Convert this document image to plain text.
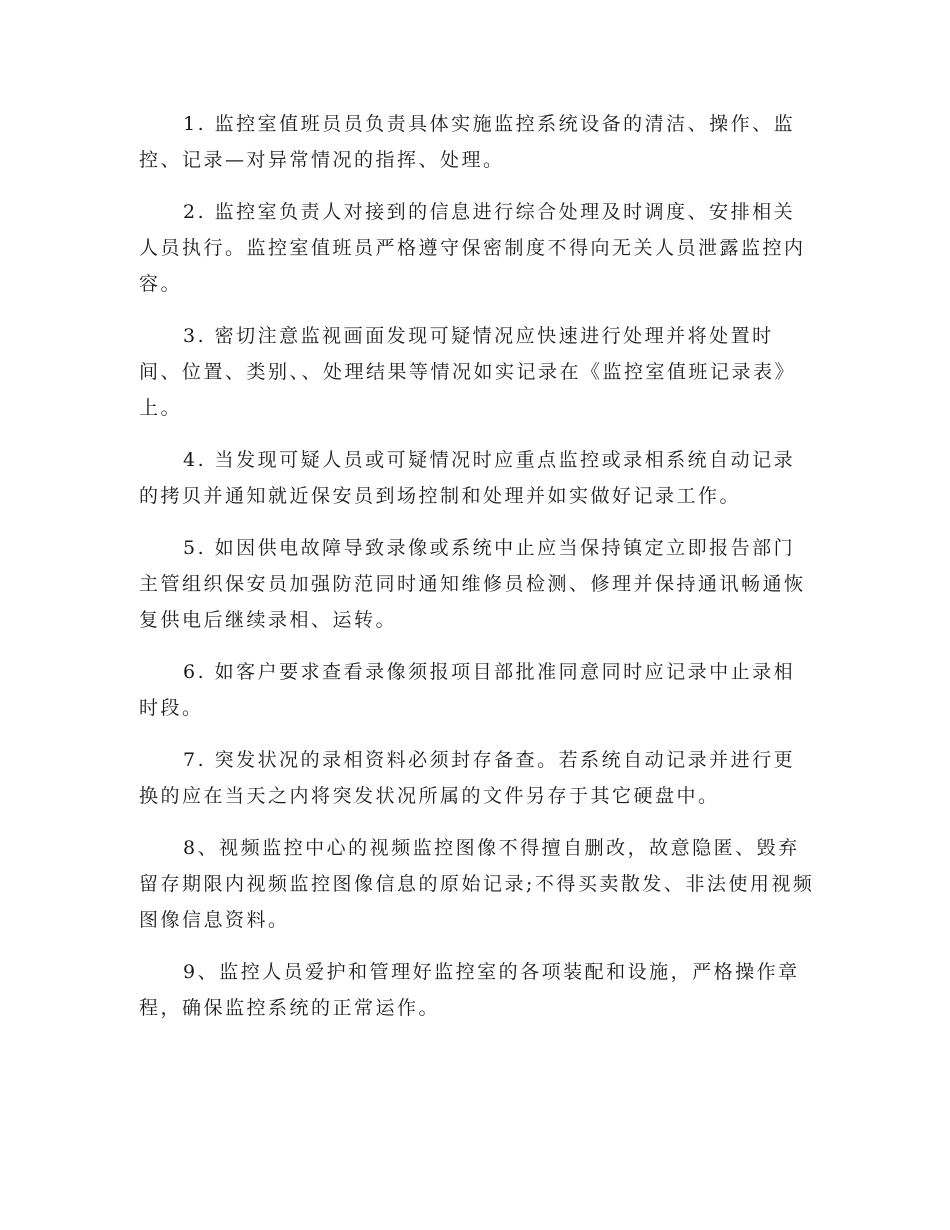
1. 监控室值班员员负责具体实施监控系统设备的清洁、操作、监控、记录—对异常情况的指挥、处理。

2. 监控室负责人对接到的信息进行综合处理及时调度、安排相关人员执行。监控室值班员严格遵守保密制度不得向无关人员泄露监控内容。

3. 密切注意监视画面发现可疑情况应快速进行处理并将处置时间、位置、类别、、处理结果等情况如实记录在《监控室值班记录表》上。

4. 当发现可疑人员或可疑情况时应重点监控或录相系统自动记录的拷贝并通知就近保安员到场控制和处理并如实做好记录工作。

5. 如因供电故障导致录像或系统中止应当保持镇定立即报告部门主管组织保安员加强防范同时通知维修员检测、修理并保持通讯畅通恢复供电后继续录相、运转。

6. 如客户要求查看录像须报项目部批准同意同时应记录中止录相时段。

7. 突发状况的录相资料必须封存备查。若系统自动记录并进行更换的应在当天之内将突发状况所属的文件另存于其它硬盘中。

8、视频监控中心的视频监控图像不得擅自删改，故意隐匿、毁弃留存期限内视频监控图像信息的原始记录;不得买卖散发、非法使用视频图像信息资料。

9、监控人员爱护和管理好监控室的各项装配和设施，严格操作章程，确保监控系统的正常运作。
